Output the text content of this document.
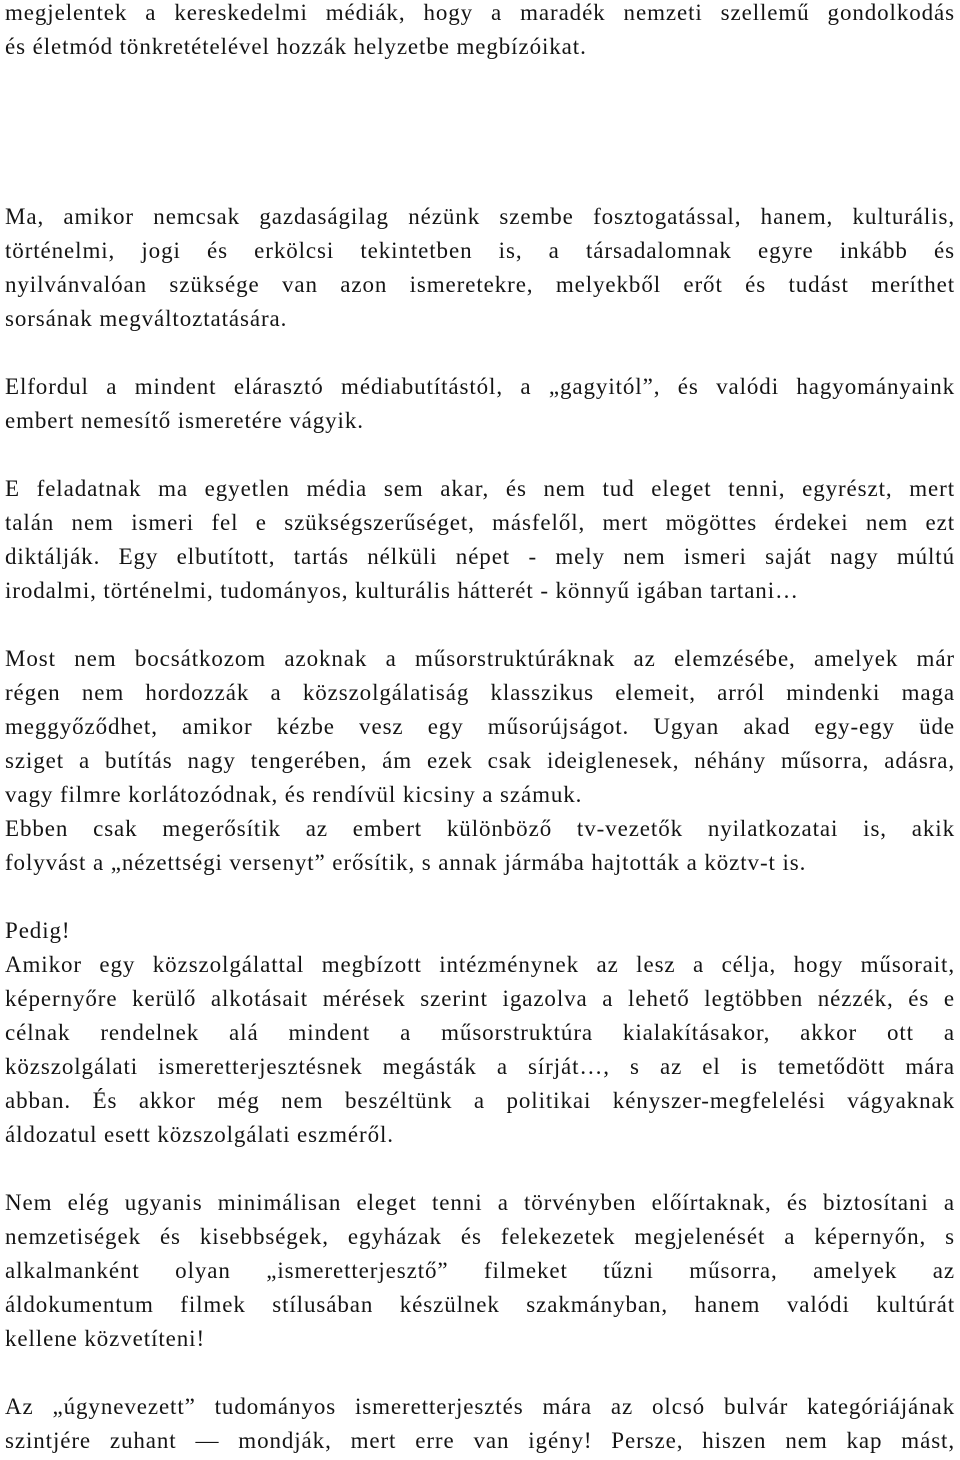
megjelentek a kereskedelmi médiák, hogy a maradék nemzeti szellemű gondolkodás
és életmód tönkretételével hozzák helyzetbe megbízóikat.
Ma, amikor nemcsak gazdaságilag nézünk szembe fosztogatással, hanem, kulturális,
történelmi, jogi és erkölcsi tekintetben is, a társadalomnak egyre inkább és
nyilvánvalóan szüksége van azon ismeretekre, melyekből erőt és tudást meríthet
sorsának megváltoztatására.
Elfordul a mindent elárasztó médiabutítástól, a „gagyitól”, és valódi hagyományaink
embert nemesítő ismeretére vágyik.
E feladatnak ma egyetlen média sem akar, és nem tud eleget tenni, egyrészt, mert
talán nem ismeri fel e szükségszerűséget, másfelől, mert mögöttes érdekei nem ezt
diktálják. Egy elbutított, tartás nélküli népet - mely nem ismeri saját nagy múltú
irodalmi, történelmi, tudományos, kulturális hátterét - könnyű igában tartani…
Most nem bocsátkozom azoknak a műsorstruktúráknak az elemzésébe, amelyek már
régen nem hordozzák a közszolgálatiság klasszikus elemeit, arról mindenki maga
meggyőződhet, amikor kézbe vesz egy műsorújságot. Ugyan akad egy-egy üde
sziget a butítás nagy tengerében, ám ezek csak ideiglenesek, néhány műsorra, adásra,
vagy filmre korlátozódnak, és rendívül kicsiny a számuk.
Ebben csak megerősítik az embert különböző tv-vezetők nyilatkozatai is, akik
folyvást a „nézettségi versenyt” erősítik, s annak jármába hajtották a köztv-t is.
Pedig!
Amikor egy közszolgálattal megbízott intézménynek az lesz a célja, hogy műsorait,
képernyőre kerülő alkotásait mérések szerint igazolva a lehető legtöbben nézzék, és e
célnak rendelnek alá mindent a műsorstruktúra kialakításakor, akkor ott a
közszolgálati ismeretterjesztésnek megásták a sírját…, s az el is temetődött mára
abban. És akkor még nem beszéltünk a politikai kényszer-megfelelési vágyaknak
áldozatul esett közszolgálati eszméről.
Nem elég ugyanis minimálisan eleget tenni a törvényben előírtaknak, és biztosítani a
nemzetiségek és kisebbségek, egyházak és felekezetek megjelenését a képernyőn, s
alkalmanként olyan „ismeretterjesztő” filmeket tűzni műsorra, amelyek az
áldokumentum filmek stílusában készülnek szakmányban, hanem valódi kultúrát
kellene közvetíteni!
Az „úgynevezett” tudományos ismeretterjesztés mára az olcsó bulvár kategóriájának
szintjére zuhant — mondják, mert erre van igény! Persze, hiszen nem kap mást,
